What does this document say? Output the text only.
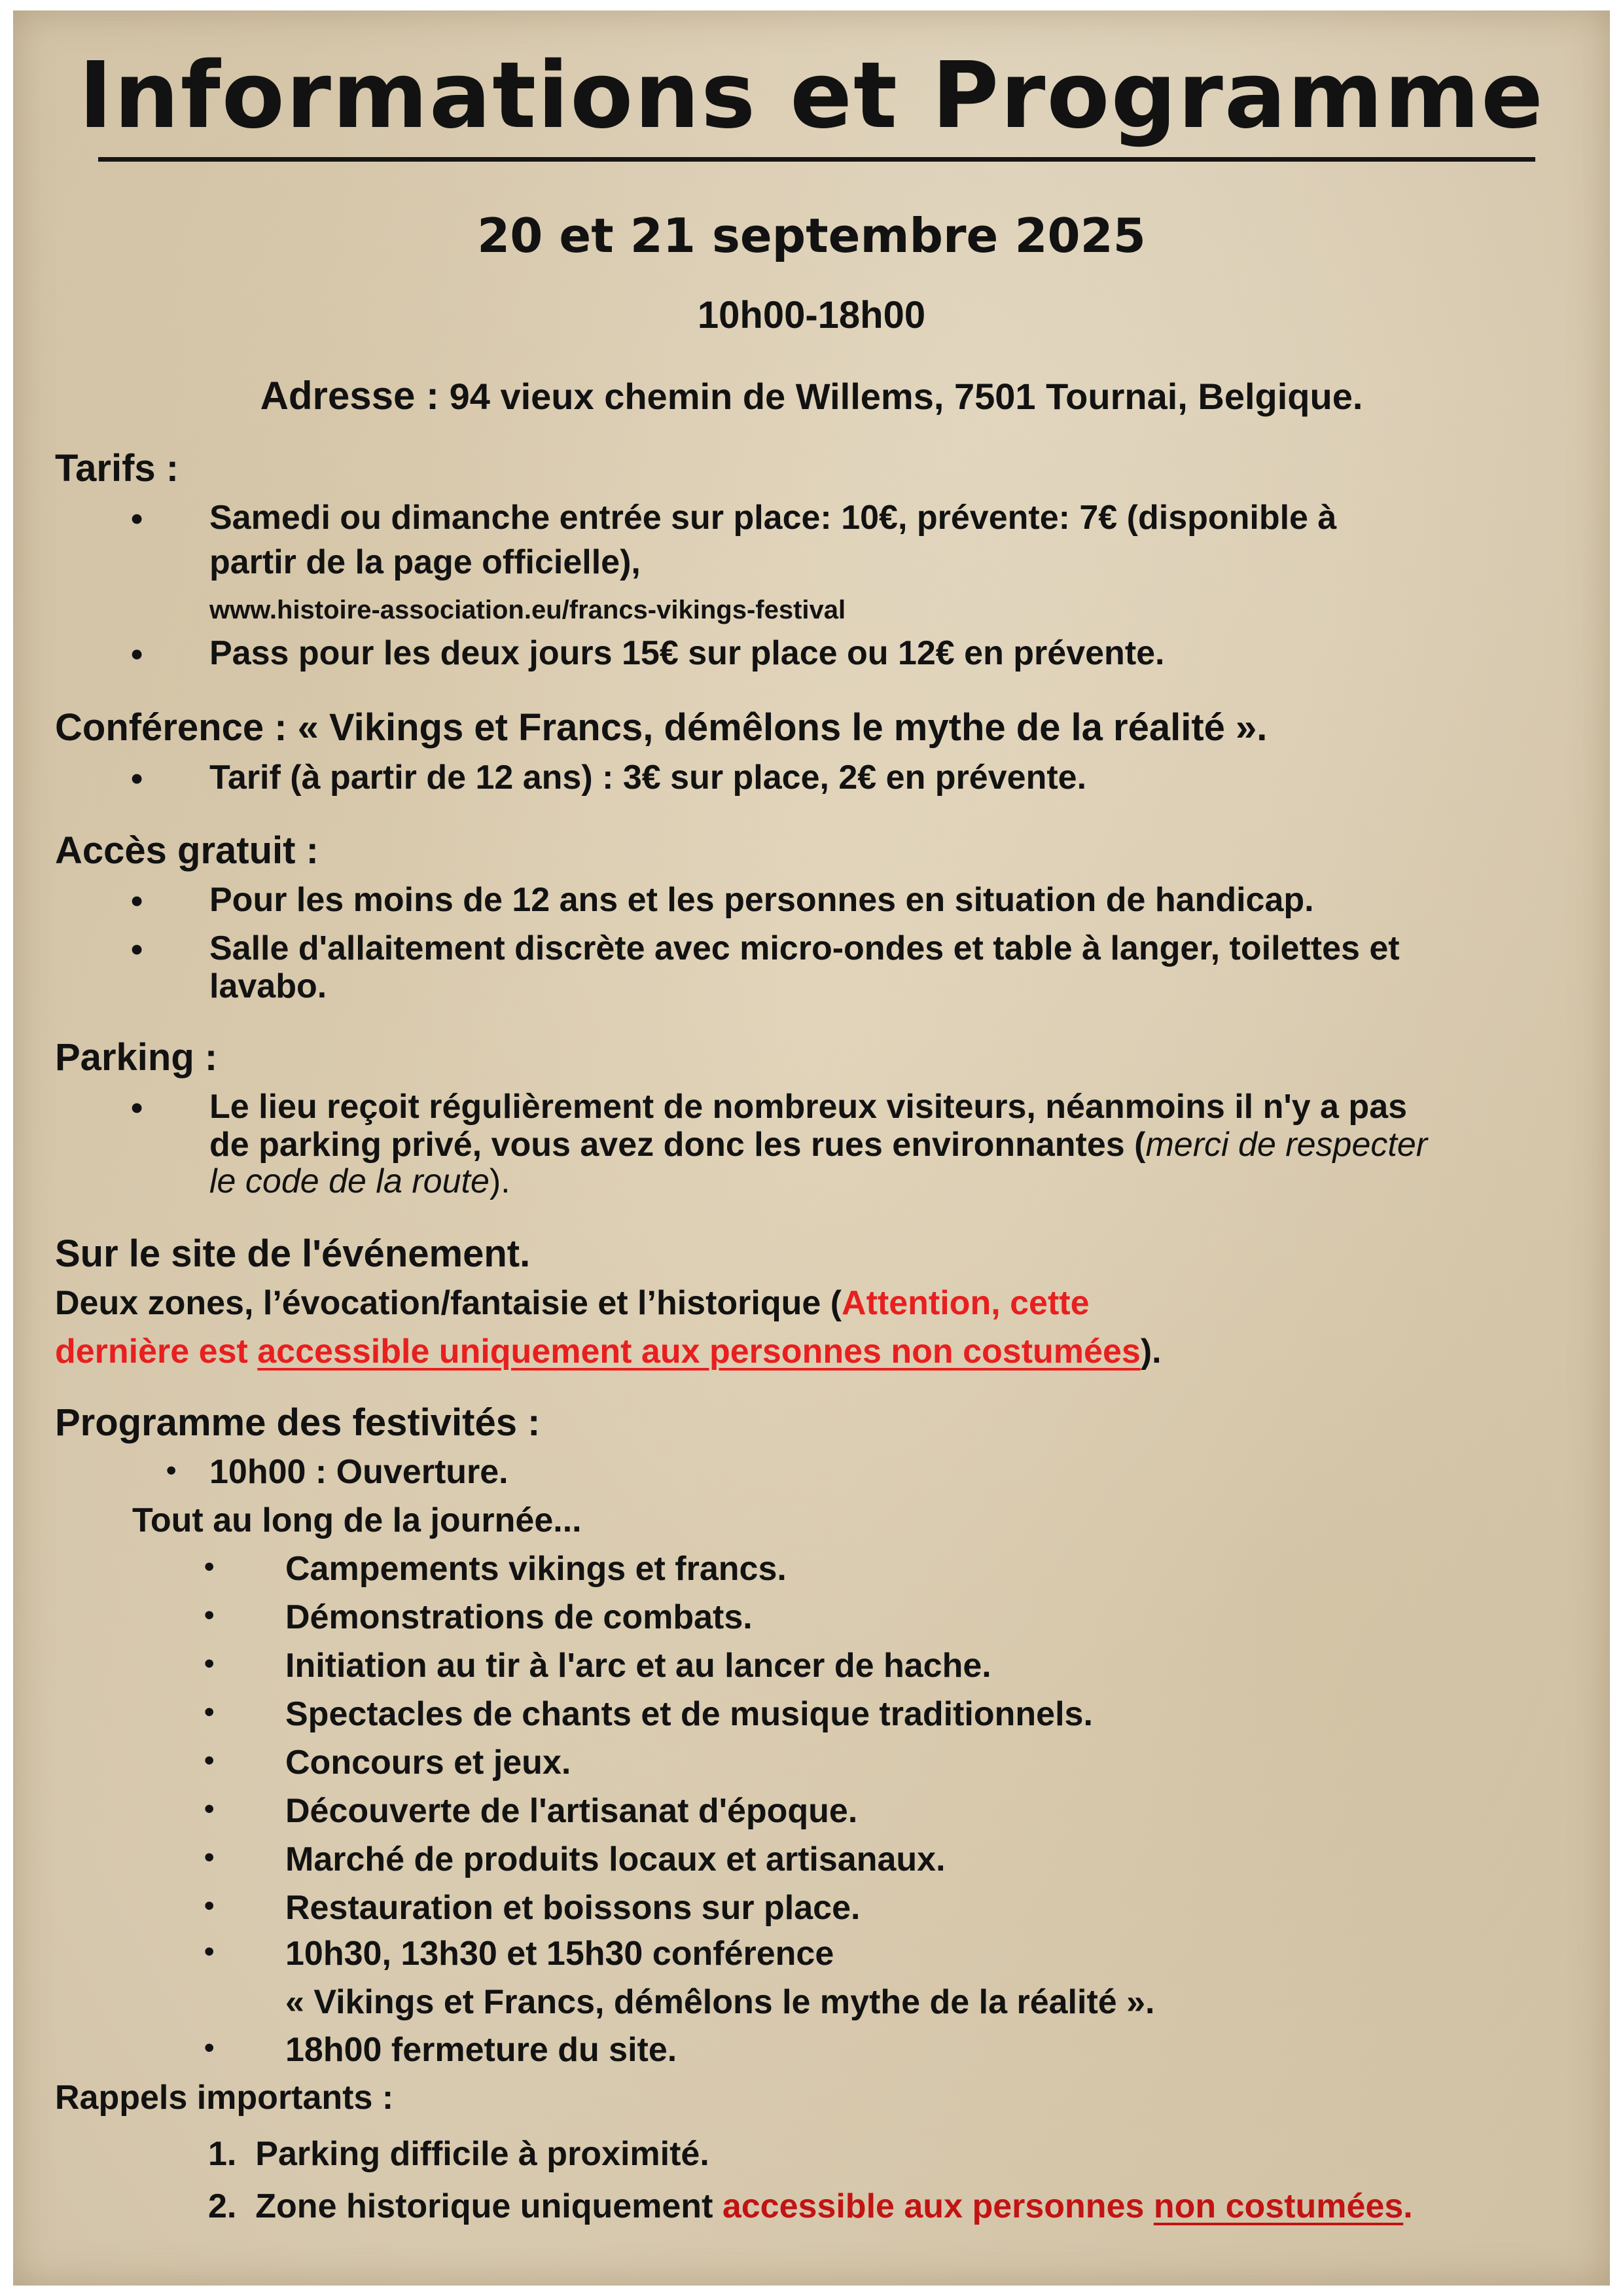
Informations et Programme
20 et 21 septembre 2025
10h00-18h00
Adresse : 94 vieux chemin de Willems, 7501 Tournai, Belgique.
Tarifs :
• Samedi ou dimanche entrée sur place: 10€, prévente: 7€ (disponible à
partir de la page officielle),
www.histoire-association.eu/francs-vikings-festival
• Pass pour les deux jours 15€ sur place ou 12€ en prévente.
Conférence : « Vikings et Francs, démêlons le mythe de la réalité ».
• Tarif (à partir de 12 ans) : 3€ sur place, 2€ en prévente.
Accès gratuit :
• Pour les moins de 12 ans et les personnes en situation de handicap.
• Salle d'allaitement discrète avec micro-ondes et table à langer, toilettes et
lavabo.
Parking :
• Le lieu reçoit régulièrement de nombreux visiteurs, néanmoins il n'y a pas
de parking privé, vous avez donc les rues environnantes (merci de respecter
le code de la route).
Sur le site de l'événement.
Deux zones, l’évocation/fantaisie et l’historique (Attention, cette
dernière est accessible uniquement aux personnes non costumées).
Programme des festivités :
• 10h00 : Ouverture.
Tout au long de la journée...
• Campements vikings et francs.
• Démonstrations de combats.
• Initiation au tir à l'arc et au lancer de hache.
• Spectacles de chants et de musique traditionnels.
• Concours et jeux.
• Découverte de l'artisanat d'époque.
• Marché de produits locaux et artisanaux.
• Restauration et boissons sur place.
• 10h30, 13h30 et 15h30 conférence
« Vikings et Francs, démêlons le mythe de la réalité ».
• 18h00 fermeture du site.
Rappels importants :
1. Parking difficile à proximité.
2. Zone historique uniquement accessible aux personnes non costumées.
